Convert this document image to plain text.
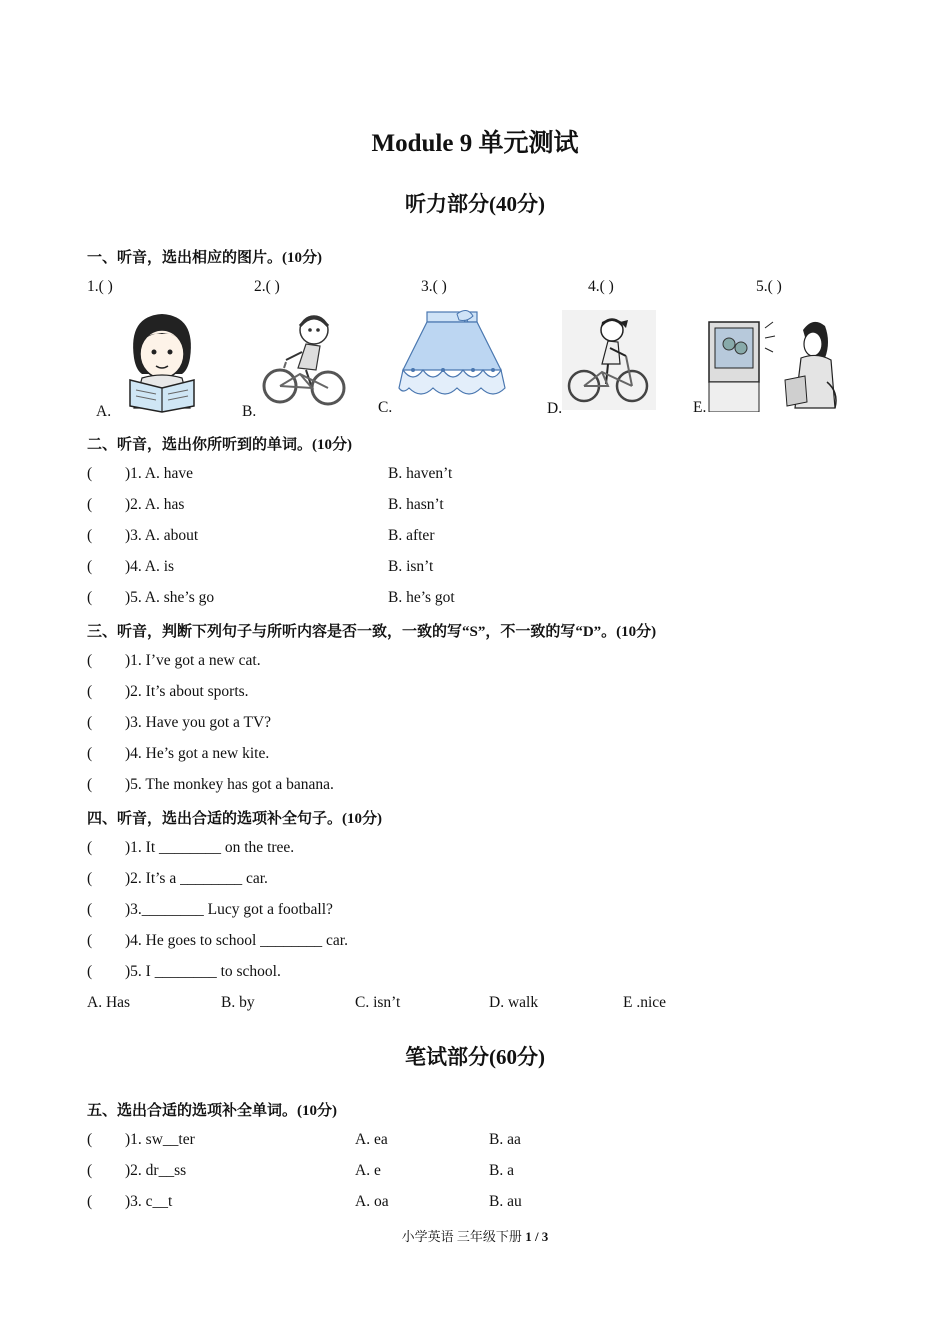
Module 9 单元测试
听力部分(40分)
一、听音，选出相应的图片。(10分)
1.( )	2.( )	3.( )	4.( )	5.( )
A.	B.	C.	D.	E.
二、听音，选出你所听到的单词。(10分)
( )1. A. have	B. haven’t
( )2. A. has	B. hasn’t
( )3. A. about	B. after
( )4. A. is	B. isn’t
( )5. A. she’s go	B. he’s got
三、听音，判断下列句子与所听内容是否一致，一致的写“S”，不一致的写“D”。(10分)
( )1. I’ve got a new cat.
( )2. It’s about sports.
( )3. Have you got a TV?
( )4. He’s got a new kite.
( )5. The monkey has got a banana.
四、听音，选出合适的选项补全句子。(10分)
( )1. It ________ on the tree.
( )2. It’s a ________ car.
( )3.________ Lucy got a football?
( )4. He goes to school ________ car.
( )5. I ________ to school.
A. Has	B. by	C. isn’t	D. walk	E .nice
笔试部分(60分)
五、选出合适的选项补全单词。(10分)
( )1. sw__ter	A. ea	B. aa
( )2. dr__ss	A. e	B. a
( )3. c__t	A. oa	B. au
小学英语 三年级下册 1 / 3
